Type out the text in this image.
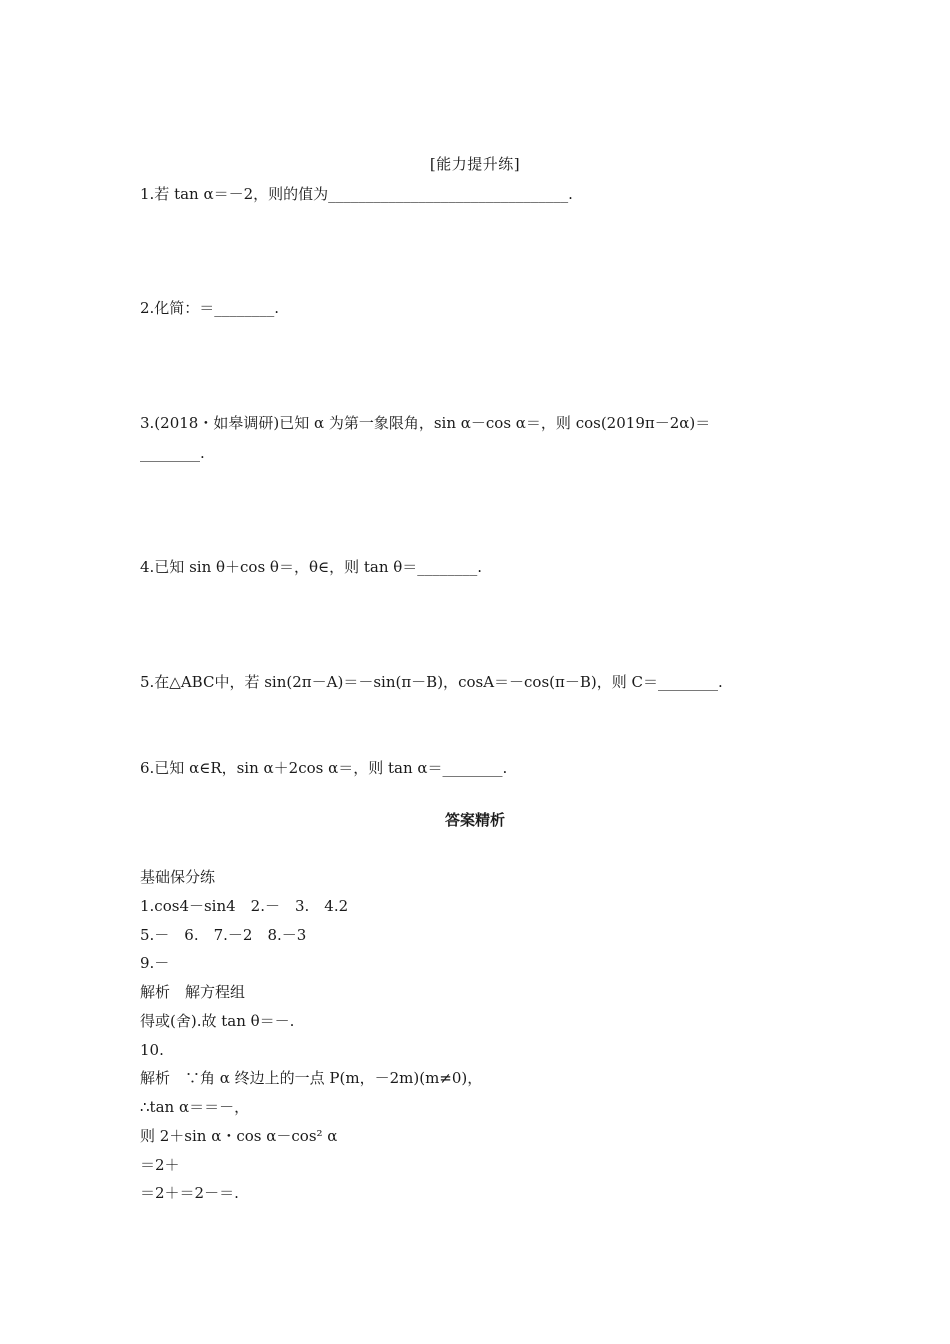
[能力提升练]
1.若 tan α＝－2，则的值为________________________________.
2.化简：＝________.
3.(2018・如皋调研)已知 α 为第一象限角，sin α－cos α＝，则 cos(2019π－2α)＝
________.
4.已知 sin θ＋cos θ＝，θ∈，则 tan θ＝________.
5.在△ABC中，若 sin(2π－A)＝－sin(π－B)，cosA＝－cos(π－B)，则 C＝________.
6.已知 α∈R，sin α＋2cos α＝，则 tan α＝________.
答案精析
基础保分练
1.cos4－sin4　2.－　3.　4.2
5.－　6.　7.－2　8.－3
9.－
解析　解方程组
得或(舍).故 tan θ＝－.
10.
解析　∵角 α 终边上的一点 P(m，－2m)(m≠0)，
∴tan α＝＝－，
则 2＋sin α・cos α－cos² α
＝2＋
＝2＋＝2－＝.
